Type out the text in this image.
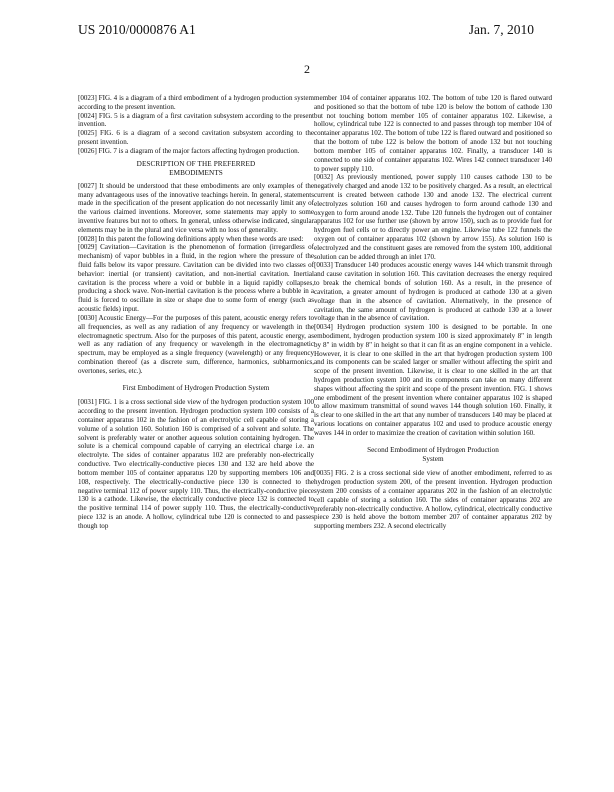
US 2010/0000876 A1	Jan. 7, 2010
2

[0023] FIG. 4 is a diagram of a third embodiment of a hydrogen production system according to the present invention.

[0024] FIG. 5 is a diagram of a first cavitation subsystem according to the present invention.

[0025] FIG. 6 is a diagram of a second cavitation subsystem according to the present invention.

[0026] FIG. 7 is a diagram of the major factors affecting hydrogen production.

DESCRIPTION OF THE PREFERRED
EMBODIMENTS

[0027] It should be understood that these embodiments are only examples of the many advantageous uses of the innovative teachings herein. In general, statements made in the specification of the present application do not necessarily limit any of the various claimed inventions. Moreover, some statements may apply to some inventive features but not to others. In general, unless otherwise indicated, singular elements may be in the plural and vice versa with no loss of generality.

[0028] In this patent the following definitions apply when these words are used:

[0029] Cavitation—Cavitation is the phenomenon of formation (irregardless of mechanism) of vapor bubbles in a fluid, in the region where the pressure of the fluid falls below its vapor pressure. Cavitation can be divided into two classes of behavior: inertial (or transient) cavitation, and non-inertial cavitation. Inertial cavitation is the process where a void or bubble in a liquid rapidly collapses, producing a shock wave. Non-inertial cavitation is the process where a bubble in a fluid is forced to oscillate in size or shape due to some form of energy (such as acoustic fields) input.

[0030] Acoustic Energy—For the purposes of this patent, acoustic energy refers to all frequencies, as well as any radiation of any frequency or wavelength in the electromagnetic spectrum. Also for the purposes of this patent, acoustic energy, as well as any radiation of any frequency or wavelength in the electromagnetic spectrum, may be employed as a single frequency (wavelength) or any frequency combination thereof (as a discrete sum, difference, harmonics, subharmonics, overtones, series, etc.).

First Embodiment of Hydrogen Production System

[0031] FIG. 1 is a cross sectional side view of the hydrogen production system 100 according to the present invention. Hydrogen production system 100 consists of a container apparatus 102 in the fashion of an electrolytic cell capable of storing a volume of a solution 160. Solution 160 is comprised of a solvent and solute. The solvent is preferably water or another aqueous solution containing hydrogen. The solute is a chemical compound capable of carrying an electrical charge i.e. an electrolyte. The sides of container apparatus 102 are preferably non-electrically conductive. Two electrically-conductive pieces 130 and 132 are held above the bottom member 105 of container apparatus 120 by supporting members 106 and 108, respectively. The electrically-conductive piece 130 is connected to the negative terminal 112 of power supply 110. Thus, the electrically-conductive piece 130 is a cathode. Likewise, the electrically conductive piece 132 is connected to the positive terminal 114 of power supply 110. Thus, the electrically-conductive piece 132 is an anode. A hollow, cylindrical tube 120 is connected to and passes though top

member 104 of container apparatus 102. The bottom of tube 120 is flared outward and positioned so that the bottom of tube 120 is below the bottom of cathode 130 but not touching bottom member 105 of container apparatus 102. Likewise, a hollow, cylindrical tube 122 is connected to and passes through top member 104 of container apparatus 102. The bottom of tube 122 is flared outward and positioned so that the bottom of tube 122 is below the bottom of anode 132 but not touching bottom member 105 of container apparatus 102. Finally, a transducer 140 is connected to one side of container apparatus 102. Wires 142 connect transducer 140 to power supply 110.

[0032] As previously mentioned, power supply 110 causes cathode 130 to be negatively charged and anode 132 to be positively charged. As a result, an electrical current is created between cathode 130 and anode 132. The electrical current electrolyzes solution 160 and causes hydrogen to form around cathode 130 and oxygen to form around anode 132. Tube 120 funnels the hydrogen out of container apparatus 102 for use further use (shown by arrow 150), such as to provide fuel for hydrogen fuel cells or to directly power an engine. Likewise tube 122 funnels the oxygen out of container apparatus 102 (shown by arrow 155). As solution 160 is electrolyzed and the constituent gases are removed from the system 100, additional solution can be added through an inlet 170.

[0033] Transducer 140 produces acoustic energy waves 144 which transmit through and cause cavitation in solution 160. This cavitation decreases the energy required to break the chemical bonds of solution 160. As a result, in the presence of cavitation, a greater amount of hydrogen is produced at cathode 130 at a given voltage than in the absence of cavitation. Alternatively, in the presence of cavitation, the same amount of hydrogen is produced at cathode 130 at a lower voltage than in the absence of cavitation.

[0034] Hydrogen production system 100 is designed to be portable. In one embodiment, hydrogen production system 100 is sized approximately 8" in length by 8" in width by 8" in height so that it can fit as an engine component in a vehicle. However, it is clear to one skilled in the art that hydrogen production system 100 and its components can be scaled larger or smaller without affecting the spirit and scope of the present invention. Likewise, it is clear to one skilled in the art that hydrogen production system 100 and its components can take on many different shapes without affecting the spirit and scope of the present invention. FIG. 1 shows one embodiment of the present invention where container apparatus 102 is shaped to allow maximum transmittal of sound waves 144 though solution 160. Finally, it is clear to one skilled in the art that any number of transducers 140 may be placed at various locations on container apparatus 102 and used to produce acoustic energy waves 144 in order to maximize the creation of cavitation within solution 160.

Second Embodiment of Hydrogen Production
System

[0035] FIG. 2 is a cross sectional side view of another embodiment, referred to as hydrogen production system 200, of the present invention. Hydrogen production system 200 consists of a container apparatus 202 in the fashion of an electrolytic cell capable of storing a solution 160. The sides of container apparatus 202 are preferably non-electrically conductive. A hollow, cylindrical, electrically conductive piece 230 is held above the bottom member 207 of container apparatus 202 by supporting members 232. A second electrically
